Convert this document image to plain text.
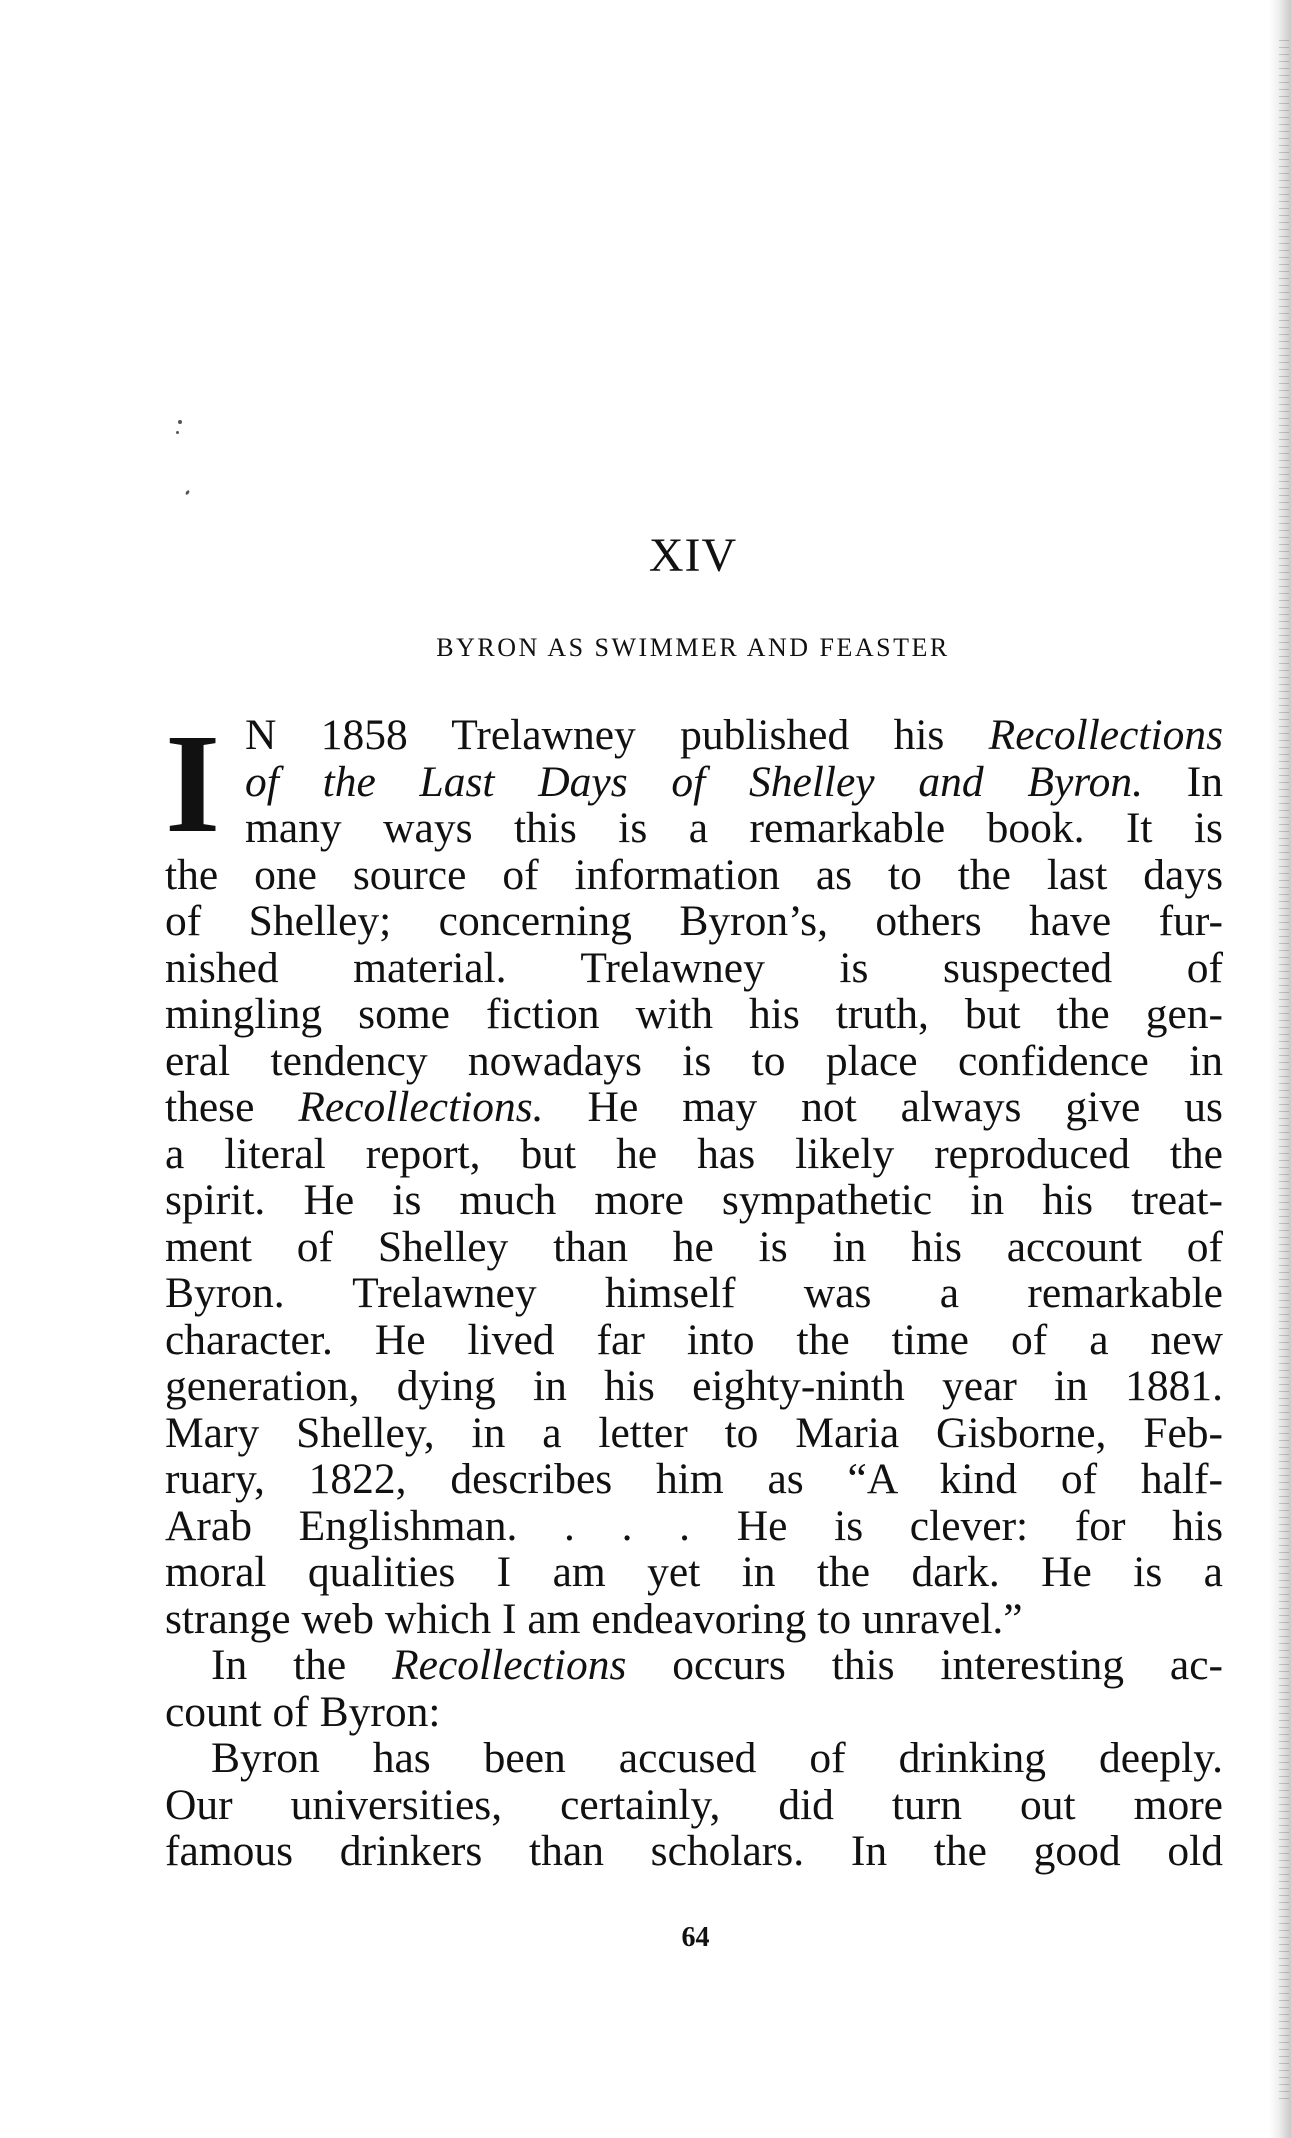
XIV
BYRON AS SWIMMER AND FEASTER
I N 1858 Trelawney published his Recollections
of the Last Days of Shelley and Byron. In
many ways this is a remarkable book. It is
the one source of information as to the last days
of Shelley; concerning Byron’s, others have fur-
nished material. Trelawney is suspected of
mingling some fiction with his truth, but the gen-
eral tendency nowadays is to place confidence in
these Recollections. He may not always give us
a literal report, but he has likely reproduced the
spirit. He is much more sympathetic in his treat-
ment of Shelley than he is in his account of
Byron. Trelawney himself was a remarkable
character. He lived far into the time of a new
generation, dying in his eighty-ninth year in 1881.
Mary Shelley, in a letter to Maria Gisborne, Feb-
ruary, 1822, describes him as “A kind of half-
Arab Englishman. . . . He is clever: for his
moral qualities I am yet in the dark. He is a
strange web which I am endeavoring to unravel.”
In the Recollections occurs this interesting ac-
count of Byron:
Byron has been accused of drinking deeply.
Our universities, certainly, did turn out more
famous drinkers than scholars. In the good old
64
